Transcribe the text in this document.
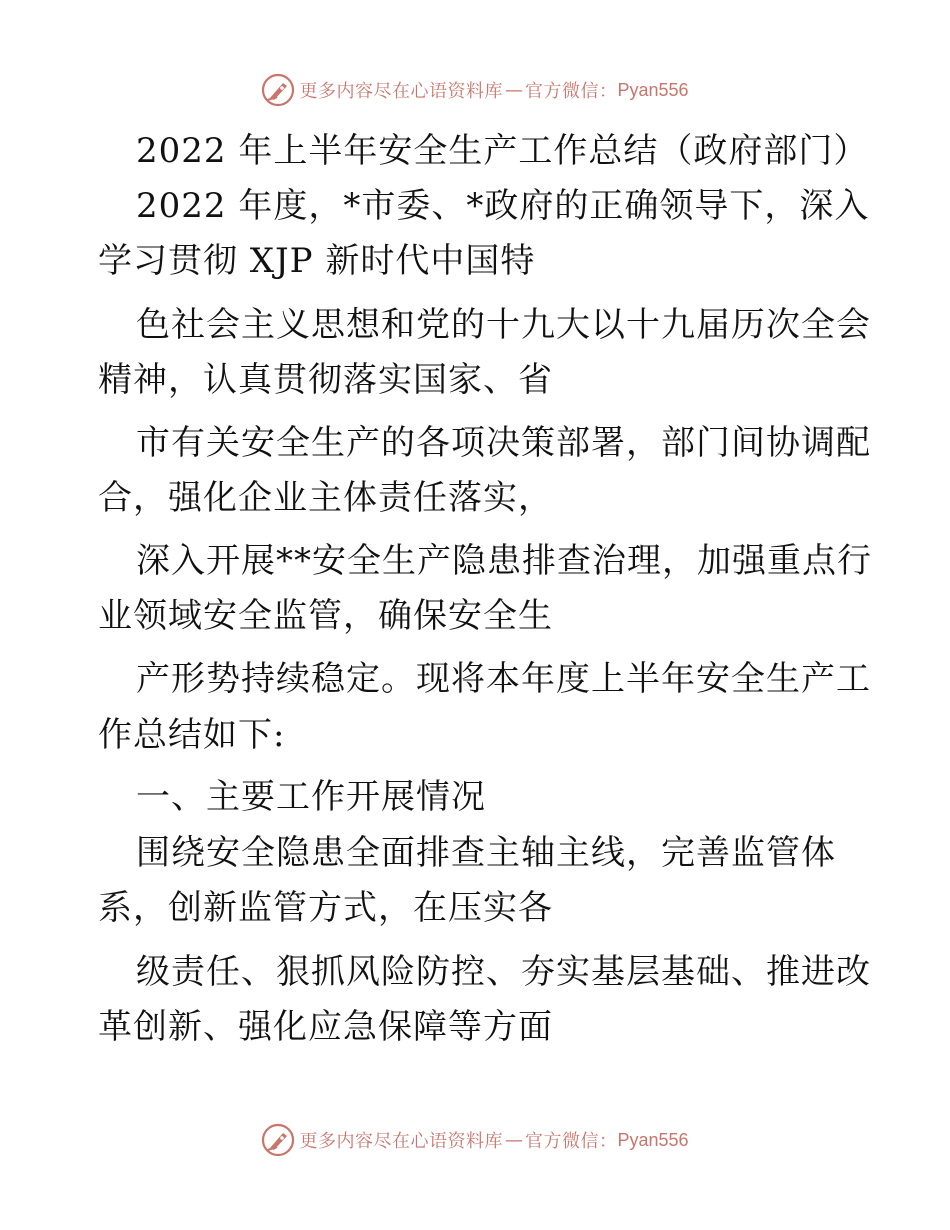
更多内容尽在心语资料库 — 官方微信： Pyan556
2022 年上半年安全生产工作总结（政府部门）
2022 年度，*市委、*政府的正确领导下，深入
学习贯彻 XJP 新时代中国特
色社会主义思想和党的十九大以十九届历次全会
精神，认真贯彻落实国家、省
市有关安全生产的各项决策部署，部门间协调配
合，强化企业主体责任落实，
深入开展**安全生产隐患排查治理，加强重点行
业领域安全监管，确保安全生
产形势持续稳定。现将本年度上半年安全生产工
作总结如下:
一、主要工作开展情况
围绕安全隐患全面排查主轴主线，完善监管体
系，创新监管方式，在压实各
级责任、狠抓风险防控、夯实基层基础、推进改
革创新、强化应急保障等方面
更多内容尽在心语资料库 — 官方微信： Pyan556
